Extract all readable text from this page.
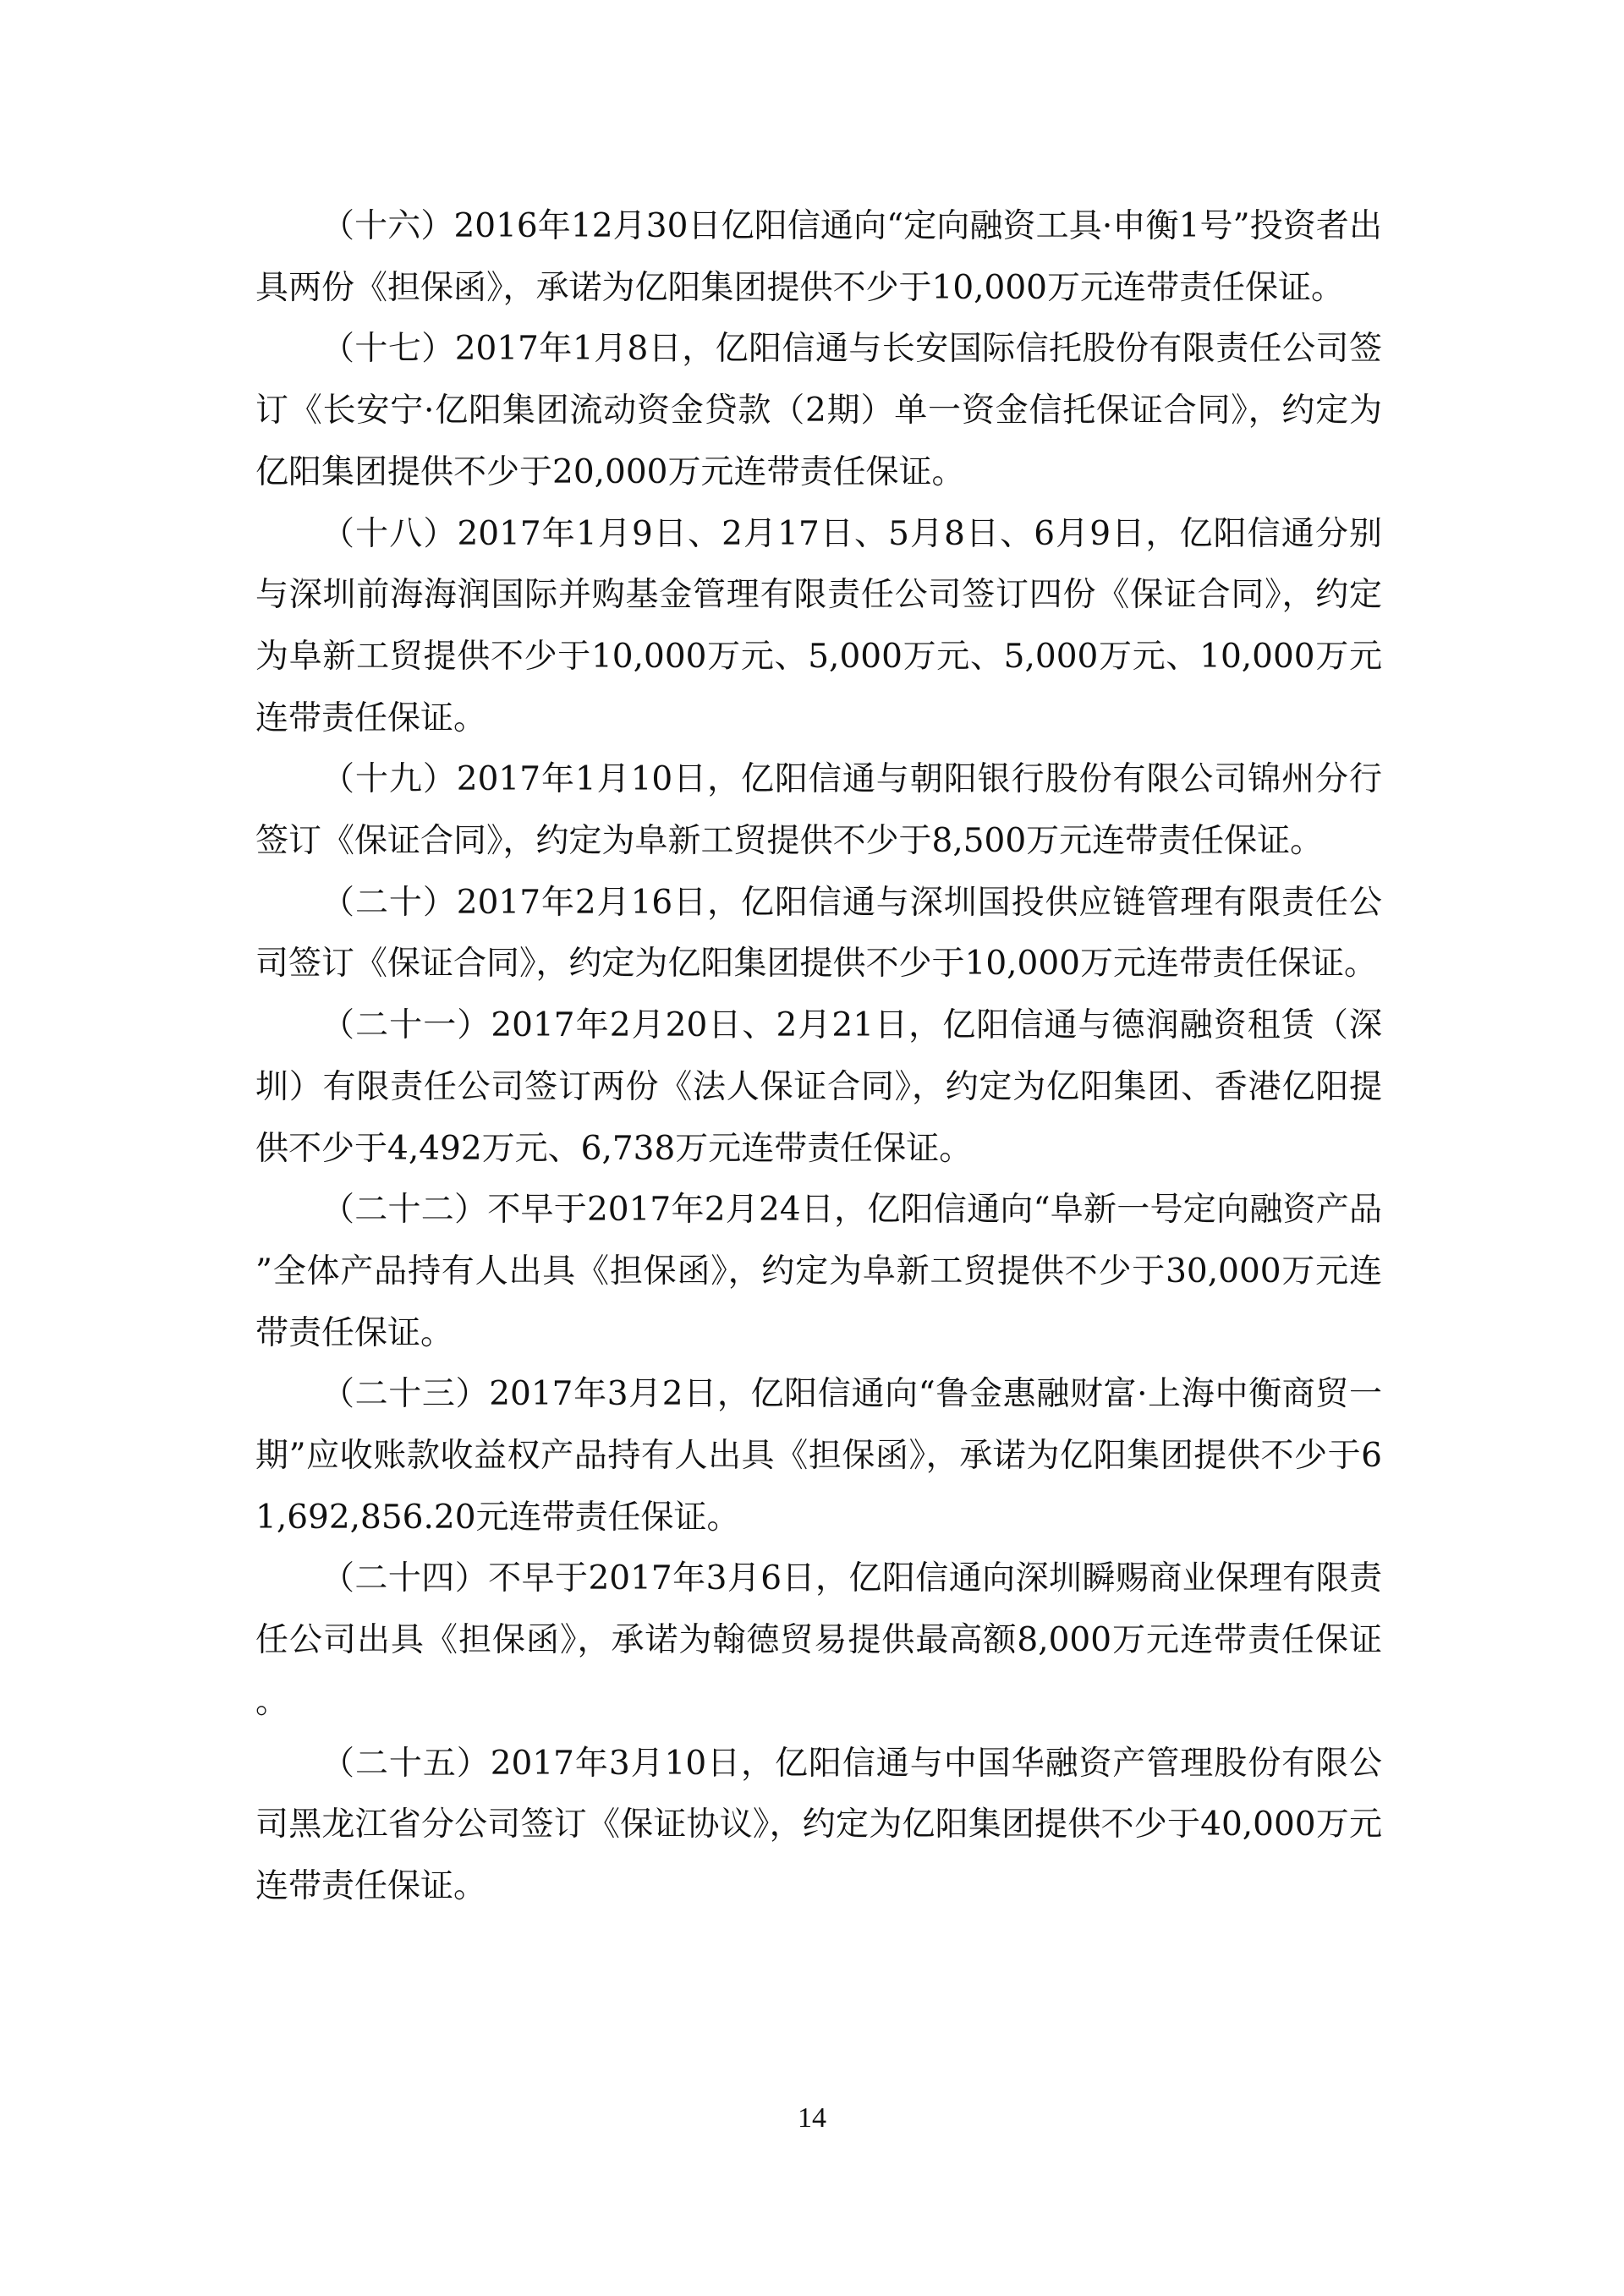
（十六）2016年12月30日亿阳信通向“定向融资工具·申衡1号”投资者出具两份《担保函》，承诺为亿阳集团提供不少于10,000万元连带责任保证。

（十七）2017年1月8日，亿阳信通与长安国际信托股份有限责任公司签订《长安宁·亿阳集团流动资金贷款（2期）单一资金信托保证合同》，约定为亿阳集团提供不少于20,000万元连带责任保证。

（十八）2017年1月9日、2月17日、5月8日、6月9日，亿阳信通分别与深圳前海海润国际并购基金管理有限责任公司签订四份《保证合同》，约定为阜新工贸提供不少于10,000万元、5,000万元、5,000万元、10,000万元连带责任保证。

（十九）2017年1月10日，亿阳信通与朝阳银行股份有限公司锦州分行签订《保证合同》，约定为阜新工贸提供不少于8,500万元连带责任保证。

（二十）2017年2月16日，亿阳信通与深圳国投供应链管理有限责任公司签订《保证合同》，约定为亿阳集团提供不少于10,000万元连带责任保证。

（二十一）2017年2月20日、2月21日，亿阳信通与德润融资租赁（深圳）有限责任公司签订两份《法人保证合同》，约定为亿阳集团、香港亿阳提供不少于4,492万元、6,738万元连带责任保证。

（二十二）不早于2017年2月24日，亿阳信通向“阜新一号定向融资产品”全体产品持有人出具《担保函》，约定为阜新工贸提供不少于30,000万元连带责任保证。

（二十三）2017年3月2日，亿阳信通向“鲁金惠融财富·上海中衡商贸一期”应收账款收益权产品持有人出具《担保函》，承诺为亿阳集团提供不少于61,692,856.20元连带责任保证。

（二十四）不早于2017年3月6日，亿阳信通向深圳瞬赐商业保理有限责任公司出具《担保函》，承诺为翰德贸易提供最高额8,000万元连带责任保证。

（二十五）2017年3月10日，亿阳信通与中国华融资产管理股份有限公司黑龙江省分公司签订《保证协议》，约定为亿阳集团提供不少于40,000万元连带责任保证。

14
